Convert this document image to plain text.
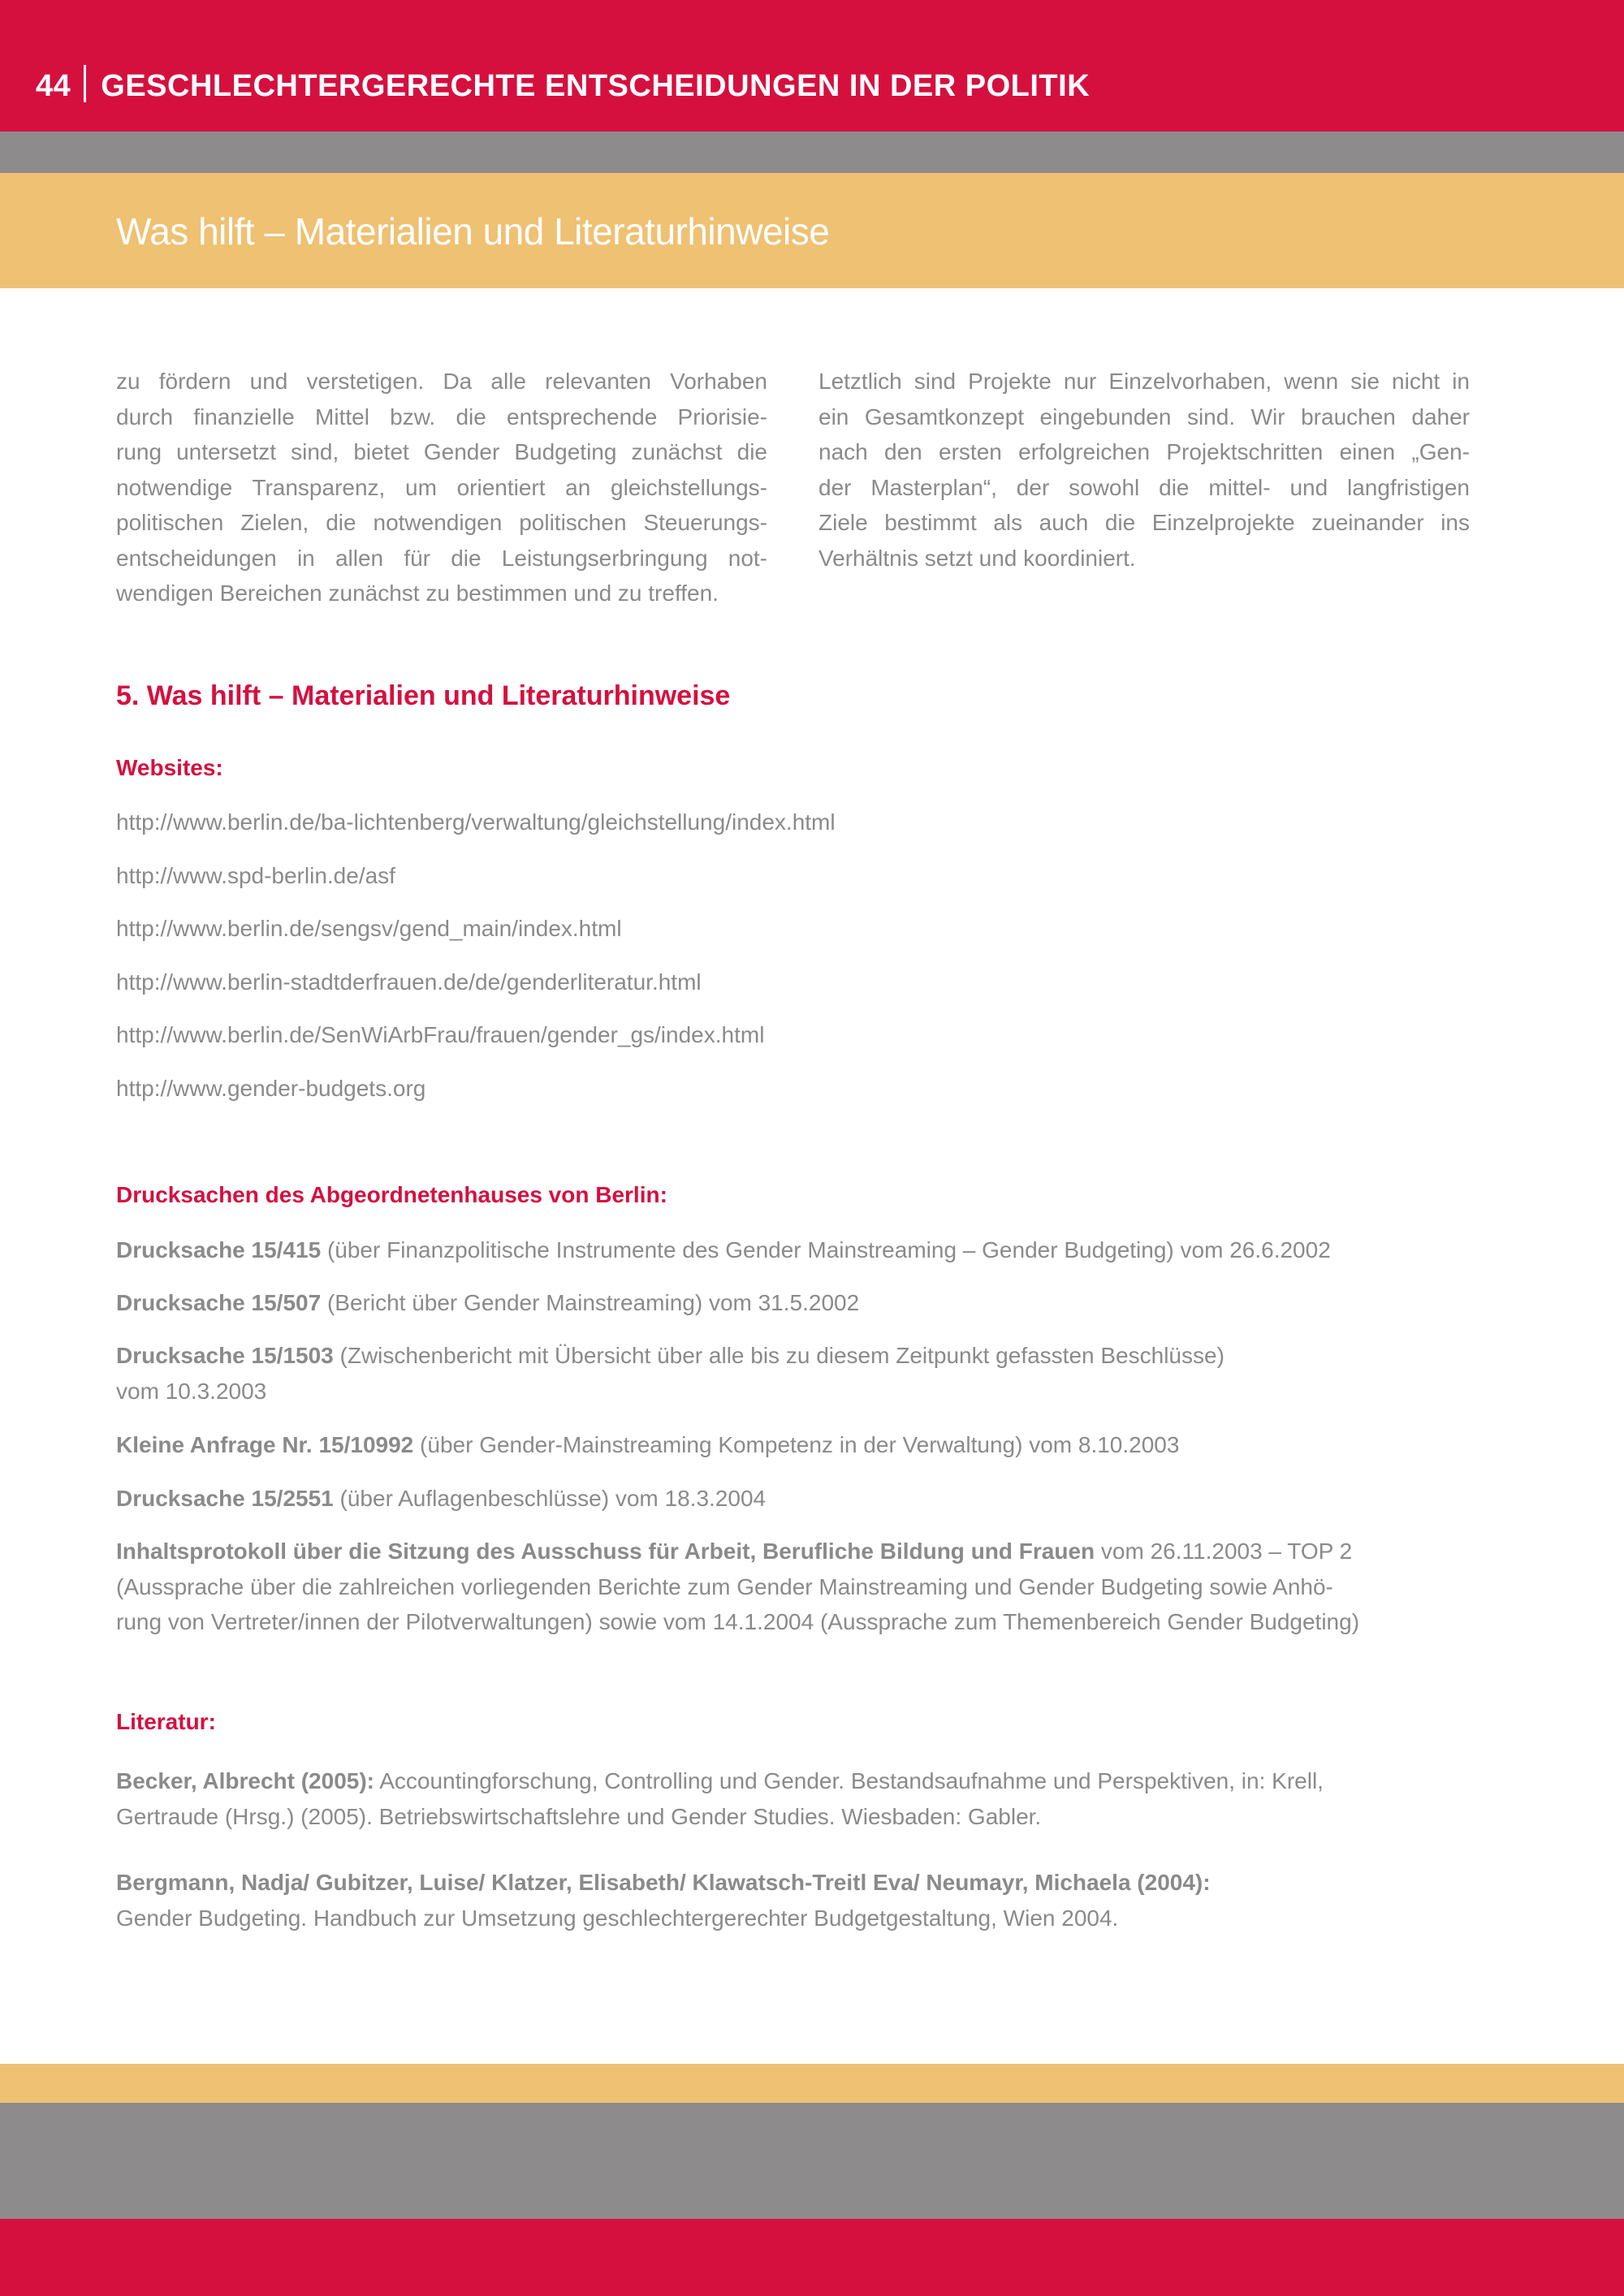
44 GESCHLECHTERGERECHTE ENTSCHEIDUNGEN IN DER POLITIK
Was hilft – Materialien und Literaturhinweise
zu fördern und verstetigen. Da alle relevanten Vorhaben
durch finanzielle Mittel bzw. die entsprechende Priorisie-
rung untersetzt sind, bietet Gender Budgeting zunächst die
notwendige Transparenz, um orientiert an gleichstellungs-
politischen Zielen, die notwendigen politischen Steuerungs-
entscheidungen in allen für die Leistungserbringung not-
wendigen Bereichen zunächst zu bestimmen und zu treffen.
Letztlich sind Projekte nur Einzelvorhaben, wenn sie nicht in
ein Gesamtkonzept eingebunden sind. Wir brauchen daher
nach den ersten erfolgreichen Projektschritten einen „Gen-
der Masterplan“, der sowohl die mittel- und langfristigen
Ziele bestimmt als auch die Einzelprojekte zueinander ins
Verhältnis setzt und koordiniert.
5. Was hilft – Materialien und Literaturhinweise
Websites:
http://www.berlin.de/ba-lichtenberg/verwaltung/gleichstellung/index.html
http://www.spd-berlin.de/asf
http://www.berlin.de/sengsv/gend_main/index.html
http://www.berlin-stadtderfrauen.de/de/genderliteratur.html
http://www.berlin.de/SenWiArbFrau/frauen/gender_gs/index.html
http://www.gender-budgets.org
Drucksachen des Abgeordnetenhauses von Berlin:
Drucksache 15/415 (über Finanzpolitische Instrumente des Gender Mainstreaming – Gender Budgeting) vom 26.6.2002
Drucksache 15/507 (Bericht über Gender Mainstreaming) vom 31.5.2002
Drucksache 15/1503 (Zwischenbericht mit Übersicht über alle bis zu diesem Zeitpunkt gefassten Beschlüsse)
vom 10.3.2003
Kleine Anfrage Nr. 15/10992 (über Gender-Mainstreaming Kompetenz in der Verwaltung) vom 8.10.2003
Drucksache 15/2551 (über Auflagenbeschlüsse) vom 18.3.2004
Inhaltsprotokoll über die Sitzung des Ausschuss für Arbeit, Berufliche Bildung und Frauen vom 26.11.2003 – TOP 2
(Aussprache über die zahlreichen vorliegenden Berichte zum Gender Mainstreaming und Gender Budgeting sowie Anhö-
rung von Vertreter/innen der Pilotverwaltungen) sowie vom 14.1.2004 (Aussprache zum Themenbereich Gender Budgeting)
Literatur:
Becker, Albrecht (2005): Accountingforschung, Controlling und Gender. Bestandsaufnahme und Perspektiven, in: Krell,
Gertraude (Hrsg.) (2005). Betriebswirtschaftslehre und Gender Studies. Wiesbaden: Gabler.
Bergmann, Nadja/ Gubitzer, Luise/ Klatzer, Elisabeth/ Klawatsch-Treitl Eva/ Neumayr, Michaela (2004):
Gender Budgeting. Handbuch zur Umsetzung geschlechtergerechter Budgetgestaltung, Wien 2004.
